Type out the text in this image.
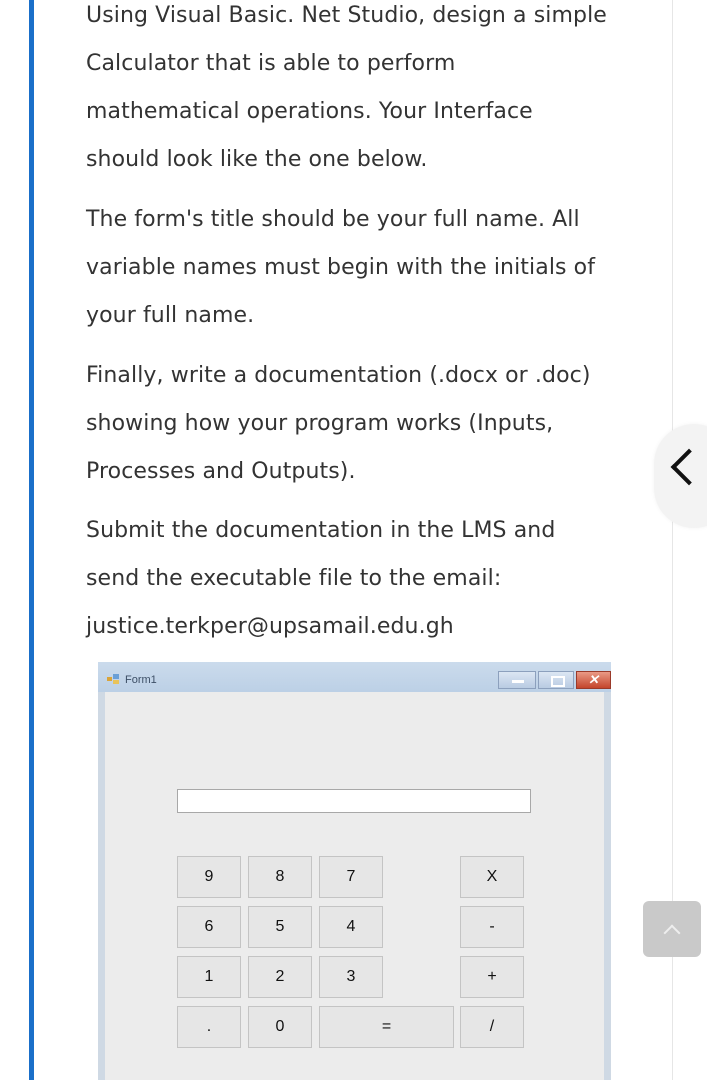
Using Visual Basic. Net Studio, design a simple
Calculator that is able to perform
mathematical operations. Your Interface
should look like the one below.

The form's title should be your full name. All
variable names must begin with the initials of
your full name.

Finally, write a documentation (.docx or .doc)
showing how your program works (Inputs,
Processes and Outputs).

Submit the documentation in the LMS and
send the executable file to the email:
justice.terkper@upsamail.edu.gh

Form1	✕
9	8	7	X
6	5	4	-
1	2	3	+
.	0	=	/
